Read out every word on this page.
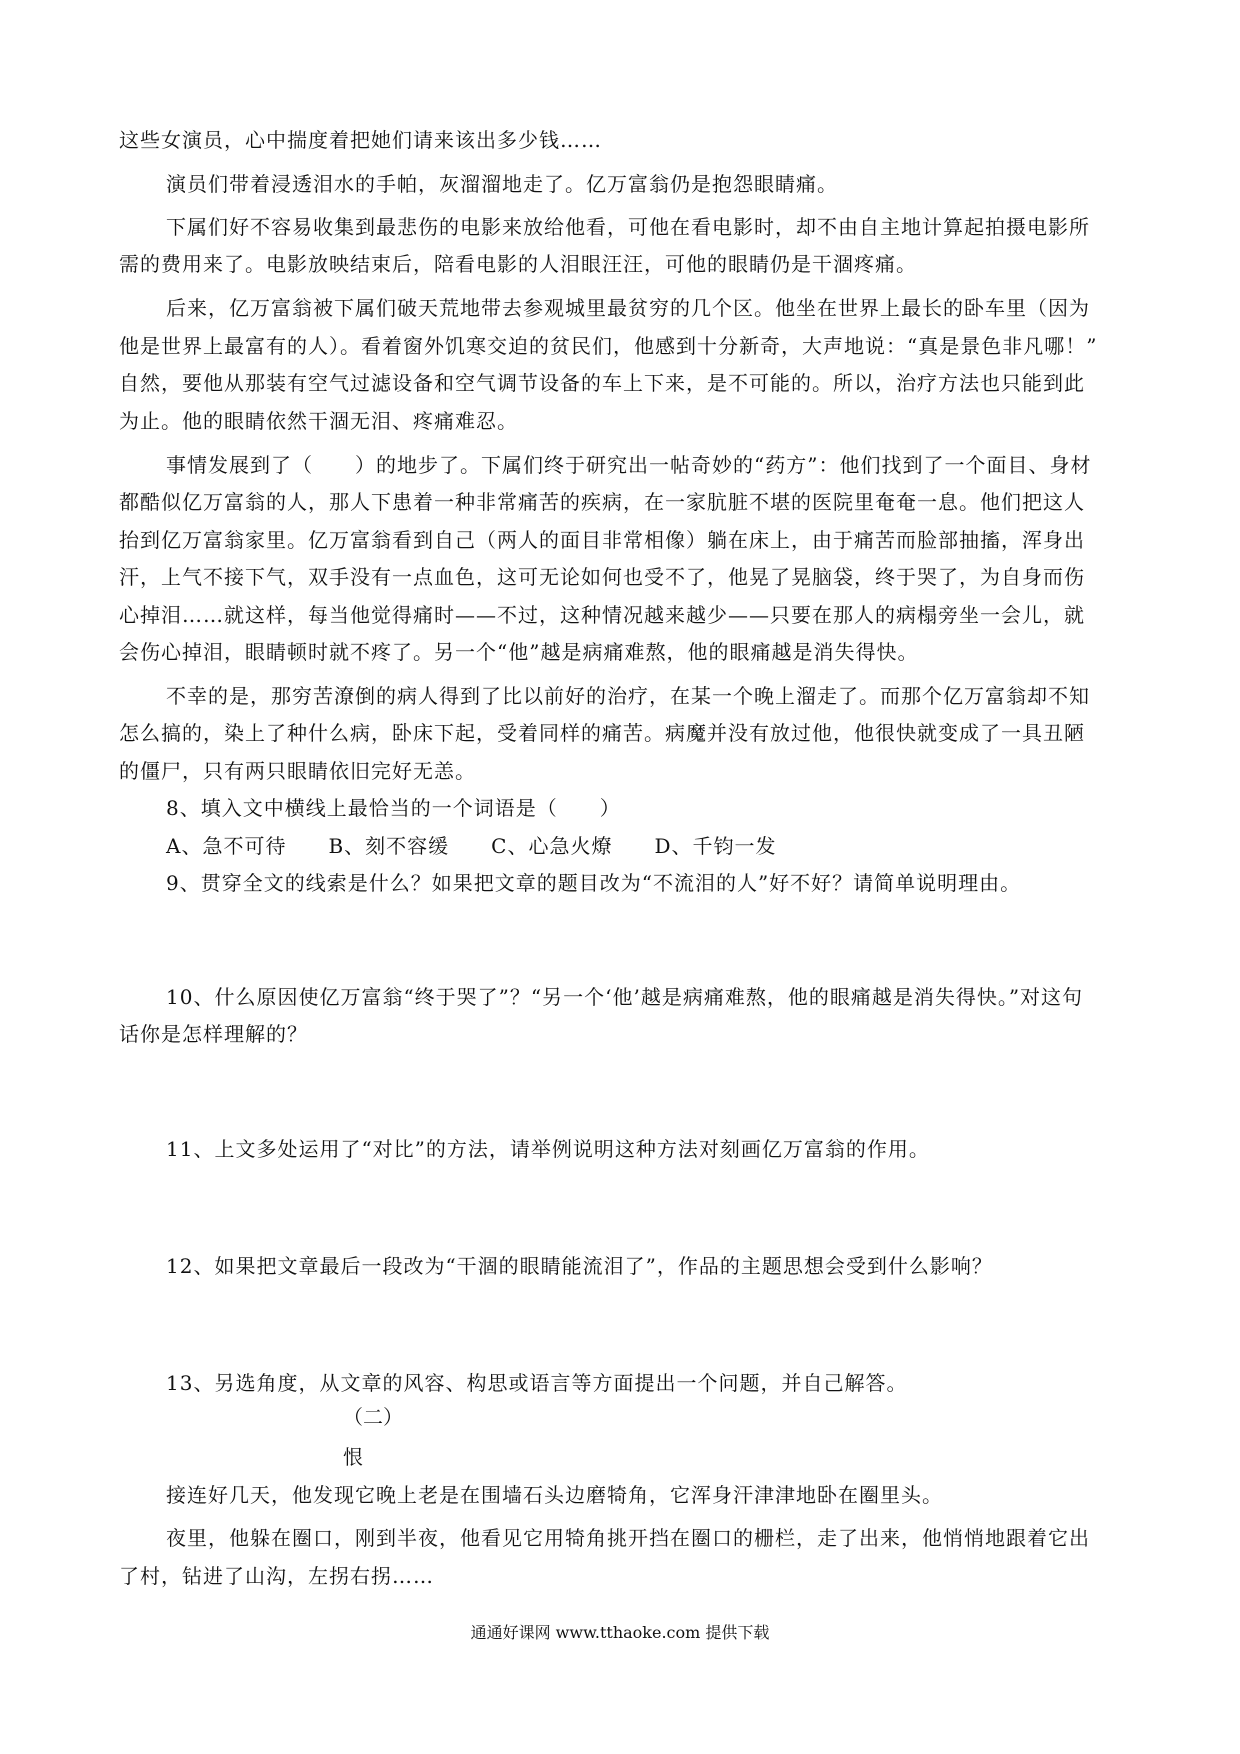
这些女演员，心中揣度着把她们请来该出多少钱……
演员们带着浸透泪水的手帕，灰溜溜地走了。亿万富翁仍是抱怨眼睛痛。
下属们好不容易收集到最悲伤的电影来放给他看，可他在看电影时，却不由自主地计算起拍摄电影所
需的费用来了。电影放映结束后，陪看电影的人泪眼汪汪，可他的眼睛仍是干涸疼痛。
后来，亿万富翁被下属们破天荒地带去参观城里最贫穷的几个区。他坐在世界上最长的卧车里（因为
他是世界上最富有的人）。看着窗外饥寒交迫的贫民们，他感到十分新奇，大声地说：“真是景色非凡哪！”
自然，要他从那装有空气过滤设备和空气调节设备的车上下来，是不可能的。所以，治疗方法也只能到此
为止。他的眼睛依然干涸无泪、疼痛难忍。
事情发展到了（　　）的地步了。下属们终于研究出一帖奇妙的“药方”：他们找到了一个面目、身材
都酷似亿万富翁的人，那人下患着一种非常痛苦的疾病，在一家肮脏不堪的医院里奄奄一息。他们把这人
抬到亿万富翁家里。亿万富翁看到自己（两人的面目非常相像）躺在床上，由于痛苦而脸部抽搐，浑身出
汗，上气不接下气，双手没有一点血色，这可无论如何也受不了，他晃了晃脑袋，终于哭了，为自身而伤
心掉泪……就这样，每当他觉得痛时——不过，这种情况越来越少——只要在那人的病榻旁坐一会儿，就
会伤心掉泪，眼睛顿时就不疼了。另一个“他”越是病痛难熬，他的眼痛越是消失得快。
不幸的是，那穷苦潦倒的病人得到了比以前好的治疗，在某一个晚上溜走了。而那个亿万富翁却不知
怎么搞的，染上了种什么病，卧床下起，受着同样的痛苦。病魔并没有放过他，他很快就变成了一具丑陋
的僵尸，只有两只眼睛依旧完好无恙。
8、填入文中横线上最恰当的一个词语是（　　）
A、急不可待　　B、刻不容缓　　C、心急火燎　　D、千钧一发
9、贯穿全文的线索是什么？如果把文章的题目改为“不流泪的人”好不好？请简单说明理由。
10、什么原因使亿万富翁“终于哭了”？“另一个‘他’越是病痛难熬，他的眼痛越是消失得快。”对这句
话你是怎样理解的？
11、上文多处运用了“对比”的方法，请举例说明这种方法对刻画亿万富翁的作用。
12、如果把文章最后一段改为“干涸的眼睛能流泪了”，作品的主题思想会受到什么影响？
13、另选角度，从文章的风容、构思或语言等方面提出一个问题，并自己解答。
（二）
恨
接连好几天，他发现它晚上老是在围墙石头边磨犄角，它浑身汗津津地卧在圈里头。
夜里，他躲在圈口，刚到半夜，他看见它用犄角挑开挡在圈口的栅栏，走了出来，他悄悄地跟着它出
了村，钻进了山沟，左拐右拐……
通通好课网 www.tthaoke.com 提供下载
